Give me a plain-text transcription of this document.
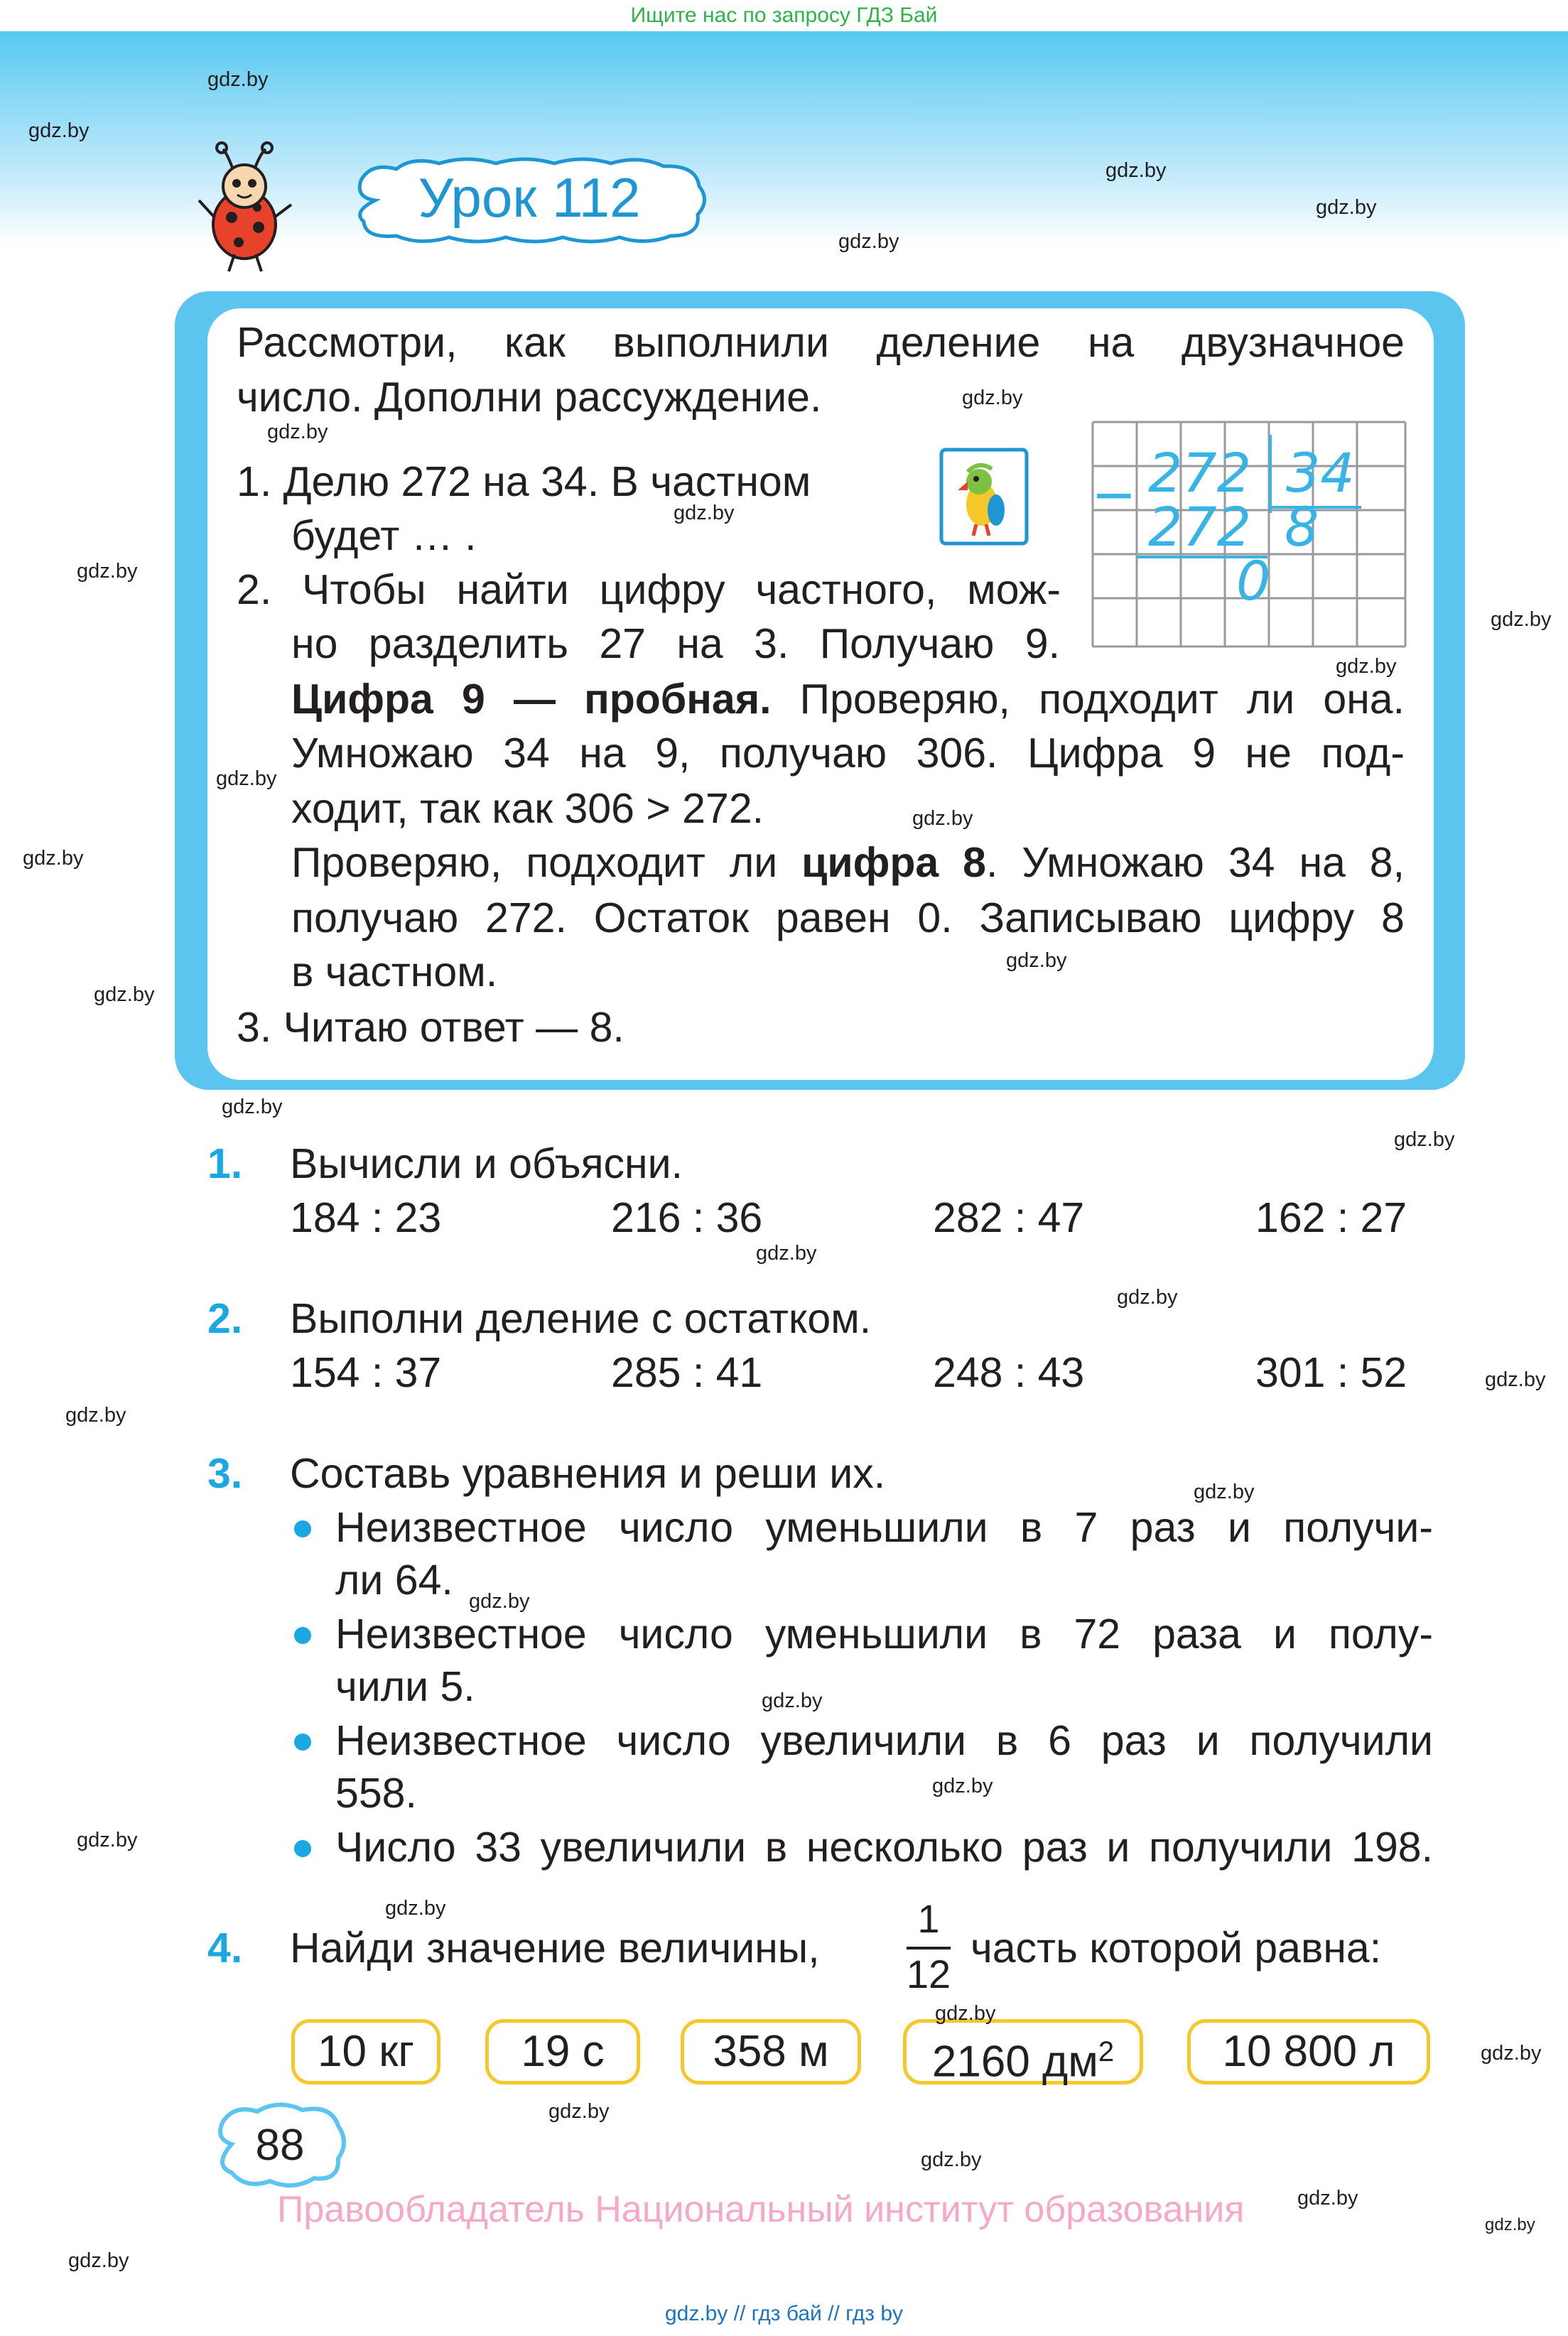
Ищите нас по запросу ГДЗ Бай
Урок 112
Рассмотри, как выполнили деление на двузначное
число. Дополни рассуждение.
1. Делю 272 на 34. В частном
будет … .
2. Чтобы найти цифру частного, мож-
но разделить 27 на 3. Получаю 9.
Цифра 9 — пробная. Проверяю, подходит ли она.
Умножаю 34 на 9, получаю 306. Цифра 9 не под-
ходит, так как 306 > 272.
Проверяю, подходит ли цифра 8. Умножаю 34 на 8,
получаю 272. Остаток равен 0. Записываю цифру 8
в частном.
3. Читаю ответ — 8.
− 272 34
272 8
0
1. Вычисли и объясни.
184 : 23	216 : 36	282 : 47	162 : 27
2. Выполни деление с остатком.
154 : 37	285 : 41	248 : 43	301 : 52
3. Составь уравнения и реши их.
Неизвестное число уменьшили в 7 раз и получи-
ли 64.
Неизвестное число уменьшили в 72 раза и полу-
чили 5.
Неизвестное число увеличили в 6 раз и получили
558.
Число 33 увеличили в несколько раз и получили 198.
4. Найди значение величины,
1
12
часть которой равна:
10 кг	19 с	358 м	2160 $дм^2$	10 800 л
88
Правообладатель Национальный институт образования
gdz.by // гдз бай // гдз by
gdz.by
gdz.by
gdz.by
gdz.by
gdz.by
gdz.by
gdz.by
gdz.by
gdz.by
gdz.by
gdz.by
gdz.by
gdz.by
gdz.by
gdz.by
gdz.by
gdz.by
gdz.by
gdz.by
gdz.by
gdz.by
gdz.by
gdz.by
gdz.by
gdz.by
gdz.by
gdz.by
gdz.by
gdz.by
gdz.by
gdz.by
gdz.by
gdz.by
gdz.by
gdz.by
